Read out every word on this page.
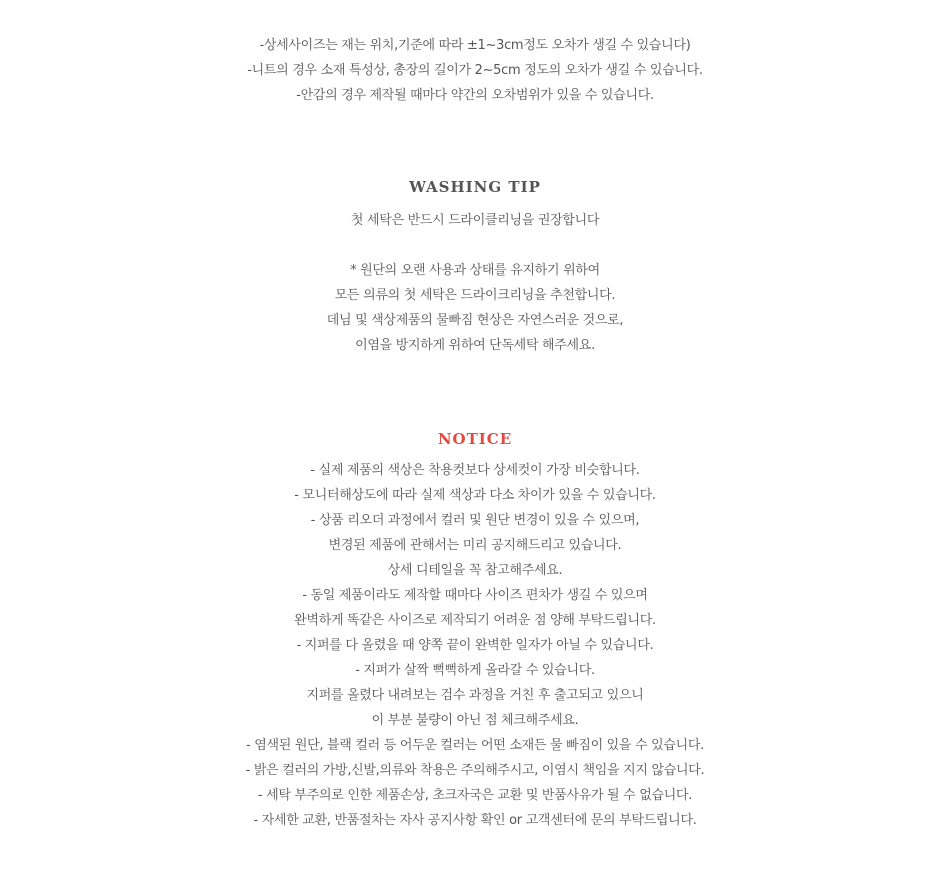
-상세사이즈는 재는 위치,기준에 따라 ±1~3cm정도 오차가 생길 수 있습니다)
-니트의 경우 소재 특성상, 총장의 길이가 2~5cm 정도의 오차가 생길 수 있습니다.
-안감의 경우 제작될 때마다 약간의 오차범위가 있을 수 있습니다.
WASHING TIP
첫 세탁은 반드시 드라이클리닝을 권장합니다
* 원단의 오랜 사용과 상태를 유지하기 위하여
모든 의류의 첫 세탁은 드라이크리닝을 추천합니다.
데님 및 색상제품의 물빠짐 현상은 자연스러운 것으로,
이염을 방지하게 위하여 단독세탁 해주세요.
NOTICE
- 실제 제품의 색상은 착용컷보다 상세컷이 가장 비슷합니다.
- 모니터해상도에 따라 실제 색상과 다소 차이가 있을 수 있습니다.
- 상품 리오더 과정에서 컬러 및 원단 변경이 있을 수 있으며,
변경된 제품에 관해서는 미리 공지해드리고 있습니다.
상세 디테일을 꼭 참고해주세요.
- 동일 제품이라도 제작할 때마다 사이즈 편차가 생길 수 있으며
완벽하게 똑같은 사이즈로 제작되기 어려운 점 양해 부탁드립니다.
- 지퍼를 다 올렸을 때 양쪽 끝이 완벽한 일자가 아닐 수 있습니다.
- 지퍼가 살짝 뻑뻑하게 올라갈 수 있습니다.
지퍼를 올렸다 내려보는 검수 과정을 거친 후 출고되고 있으니
이 부분 불량이 아닌 점 체크해주세요.
- 염색된 원단, 블랙 컬러 등 어두운 컬러는 어떤 소재든 물 빠짐이 있을 수 있습니다.
- 밝은 컬러의 가방,신발,의류와 착용은 주의해주시고, 이염시 책임을 지지 않습니다.
- 세탁 부주의로 인한 제품손상, 초크자국은 교환 및 반품사유가 될 수 없습니다.
- 자세한 교환, 반품절차는 자사 공지사항 확인 or 고객센터에 문의 부탁드립니다.
